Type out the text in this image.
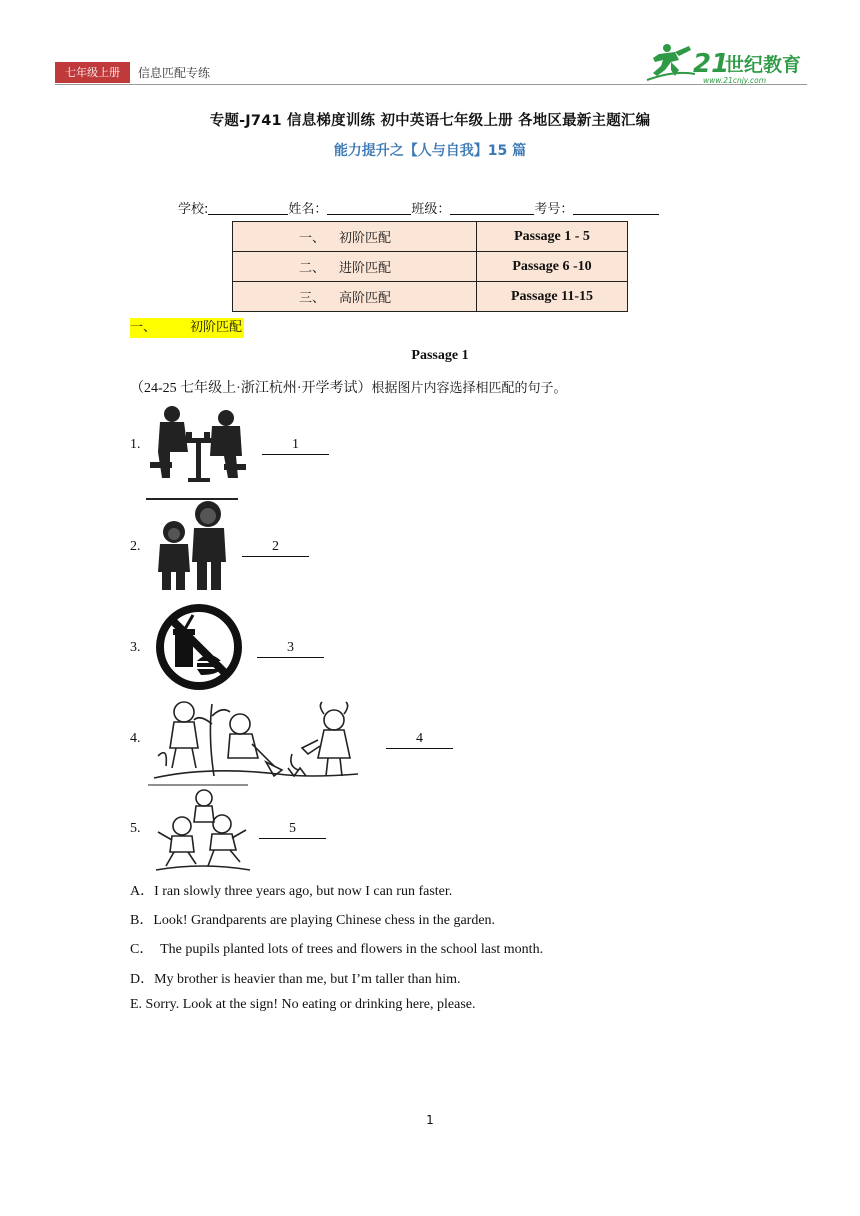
七年级上册	信息匹配专练	21
世纪教育
www.21cnjy.com
专题-J741 信息梯度训练 初中英语七年级上册 各地区最新主题汇编
能力提升之【人与自我】15 篇
学校:	姓名：	班级：	考号：
一、 初阶匹配	Passage 1 - 5
二、 进阶匹配	Passage 6 -10
三、 高阶匹配	Passage 11-15
一、	初阶匹配
Passage 1
（24-25 七年级上·浙江杭州·开学考试）根据图片内容选择相匹配的句子。
1.	1
2.	2
3.	3
4.	4
5.	5
A．I ran slowly three years ago, but now I can run faster.
B．Look! Grandparents are playing Chinese chess in the garden.
C．  The pupils planted lots of trees and flowers in the school last month.
D．My brother is heavier than me, but I’m taller than him.
E. Sorry. Look at the sign! No eating or drinking here, please.
1
